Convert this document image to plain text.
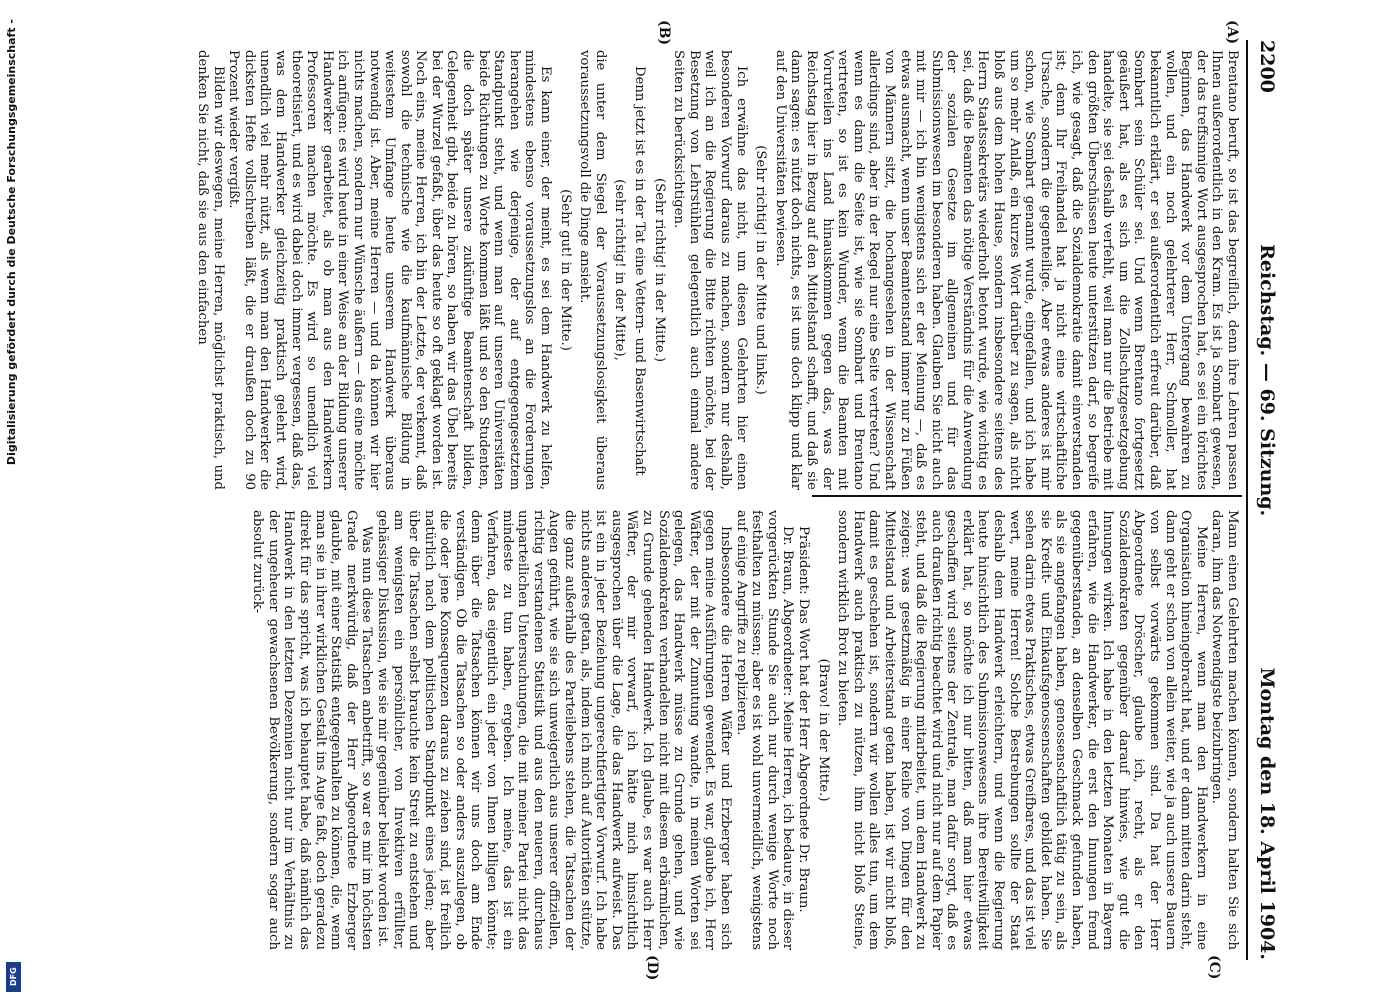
2200
Reichstag. — 69. Sitzung.
Montag den 18. April 1904.
(A)
(B)
(C)
(D)

Brentano beruft, so ist das begreiflich, denn ihre Lehren passen Ihnen außerordentlich in den Kram. Es ist ja Sombart gewesen, der das treffsinnige Wort ausgesprochen hat, es sei ein törichtes Beginnen, das Handwerk vor dem Untergang bewahren zu wollen, und ein noch gelehrterer Herr, Schmoller, hat bekanntlich erklärt, er sei außerordentlich erfreut darüber, daß Sombart sein Schüler sei. Und wenn Brentano fortgesetzt geäußert hat, als es sich um die Zollschutzgesetzgebung handelte, sie sei deshalb verfehlt, weil man nur die Betriebe mit den größten Überschüssen heute unterstützen darf, so begreife ich, wie gesagt, daß die Sozialdemokratie damit einverstanden ist; denn Ihr Freihandel hat ja nicht eine wirtschaftliche Ursache, sondern die gegenteilige. Aber etwas anderes ist mir schon, wie Sombart genannt wurde, eingefallen, und ich habe um so mehr Anlaß, ein kurzes Wort darüber zu sagen, als nicht bloß aus dem hohen Hause, sondern insbesondere seitens des Herrn Staatssekretärs wiederholt betont wurde, wie wichtig es sei, daß die Beamten das nötige Verständnis für die Anwendung der sozialen Gesetze im allgemeinen und für das Submissionswesen im besonderen haben. Glauben Sie nicht auch mit mir — ich bin wenigstens sich er der Meinung —, daß es etwas ausmacht, wenn unser Beamtenstand immer nur zu Füßen von Männern sitzt, die hochangesehen in der Wissenschaft allerdings sind, aber in der Regel nur eine Seite vertreten? Und wenn es dann die Seite ist, wie sie Sombart und Brentano vertreten, so ist es kein Wunder, wenn die Beamten mit Vorurteilen ins Land hinauskommen gegen das, was der Reichstag hier in Bezug auf den Mittelstand schafft, und daß sie dann sagen: es nützt doch nichts, es ist uns doch klipp und klar auf den Universitäten bewiesen.

(Sehr richtig! in der Mitte und links.)

Ich erwähne das nicht, um diesen Gelehrten hier einen besonderen Vorwurf daraus zu machen, sondern nur deshalb, weil ich an die Regierung die Bitte richten möchte, bei der Besetzung von Lehrstühlen gelegentlich auch einmal andere Seiten zu berücksichtigen.

(Sehr richtig! in der Mitte.)

Denn jetzt ist es in der Tat eine Vettern- und Basenwirtschaft

(sehr richtig! in der Mitte),

die unter dem Siegel der Voraussetzungslosigkeit überaus voraussetzungsvoll die Dinge ansieht.

(Sehr gut! in der Mitte.)

Es kann einer, der meint, es sei dem Handwerk zu helfen, mindestens ebenso voraussetzungslos an die Forderungen herangehen wie derjenige, der auf entgegengesetztem Standpunkt steht, und wenn man auf unseren Universitäten beide Richtungen zu Worte kommen läßt und so den Studenten, die doch später unsere zukünftige Beamtenschaft bilden, Gelegenheit gibt, beide zu hören, so haben wir das Übel bereits bei der Wurzel gefaßt, über das heute so oft geklagt worden ist. Noch eins, meine Herren, ich bin der Letzte, der verkennt, daß sowohl die technische wie die kaufmännische Bildung in weitestem Umfange heute unserem Handwerk überaus notwendig ist. Aber, meine Herren — und da können wir hier nichts machen, sondern nur Wünsche äußern — das eine möchte ich anfügen: es wird heute in einer Weise an der Bildung unserer Handwerker gearbeitet, als ob man aus den Handwerkern Professoren machen möchte. Es wird so unendlich viel theoretisiert, und es wird dabei doch immer vergessen, daß das, was dem Handwerker gleichzeitig praktisch gelehrt wird, unendlich viel mehr nützt, als wenn man den Handwerker die dicksten Hefte vollschreiben läßt, die er draußen doch zu 90 Prozent wieder vergißt.

Bilden wir deswegen, meine Herren, möglichst praktisch, und denken Sie nicht, daß sie aus den einfachen

Mann einen Gelehrten machen können, sondern halten Sie sich daran, ihm das Notwendigste beizubringen.

Meine Herren, wenn man den Handwerkern in eine Organisation hineingebracht hat, und er dann mitten darin steht, dann geht er schon von allein weiter, wie ja auch unsere Bauern von selbst vorwärts gekommen sind. Da hat der Herr Abgeordnete Dröscher, glaube ich, recht, als er den Sozialdemokraten gegenüber darauf hinwies, wie gut die Innungen wirken. Ich habe in den letzten Monaten in Bayern erfahren, wie die Handwerker, die erst den Innungen fremd gegenüberstanden, an denselben Geschmack gefunden haben, als sie angefangen haben, genossenschaftlich tätig zu sein, als sie Kredit- und Einkaufsgenossenschaften gebildet haben. Sie sehen darin etwas Praktisches, etwas Greifbares, und das ist viel wert, meine Herren! Solche Bestrebungen sollte der Staat deshalb dem Handwerk erleichtern, und wenn die Regierung heute hinsichtlich des Submissionswesens ihre Bereitwilligkeit erklärt hat, so möchte ich nur bitten, daß man hier etwas geschaffen wird seitens der Zentrale, man dafür sorgt, daß es auch draußen richtig beachtet wird und nicht nur auf dem Papier steht, und daß die Regierung mitarbeitet, um dem Handwerk zu zeigen: was gesetzmäßig in einer Reihe von Dingen für den Mittelstand und Arbeiterstand getan haben, ist wir nicht bloß, damit es geschehen ist, sondern wir wollen alles tun, um dem Handwerk auch praktisch zu nützen, ihm nicht bloß Steine, sondern wirklich Brot zu bieten.

(Bravo! in der Mitte.)

Präsident: Das Wort hat der Herr Abgeordnete Dr. Braun.

Dr. Braun, Abgeordneter: Meine Herren, ich bedaure, in dieser vorgerückten Stunde Sie auch nur durch wenige Worte noch festhalten zu müssen; aber es ist wohl unvermeidlich, wenigstens auf einige Angriffe zu replizieren.

Insbesondere die Herren Wäfter und Erzberger haben sich gegen meine Ausführungen gewendet. Es war, glaube ich, Herr Wäfter, der mit der Zumutung wandte, in meinen Worten sei gelegen, das Handwerk müsse zu Grunde gehen, und wie Sozialdemokraten verhandelten nicht mit diesem erbärmlichen, zu Grunde gehenden Handwerk. Ich glaube, es war auch Herr Wäfter, der mir vorwarf, ich hätte mich hinsichtlich ausgesprochen über die Lage, die das Handwerk aufweist. Das ist ein in jeder Beziehung ungerechtfertigter Vorwurf. Ich habe nichts anderes getan, als, indem ich mich auf Autoritäten stützte, die ganz außerhalb des Parteilebens stehen, die Tatsachen der Augen geführt, wie sie sich unweigerlich aus unserer offiziellen, richtig verstandenen Statistik und aus den neueren, durchaus unparteilichen Untersuchungen, die mit meiner Partei nicht das mindeste zu tun haben, ergeben. Ich meine, das ist ein Verfahren, das eigentlich ein jeder von Ihnen billigen könnte; denn über die Tatsachen können wir uns doch am Ende verständigen. Ob die Tatsachen so oder anders auszulegen, ob die oder jene Konsequenzen daraus zu ziehen sind, ist freilich natürlich nach dem politischen Standpunkt eines jeden; aber über die Tatsachen selbst brauchte kein Streit zu entstehen und am wenigsten ein persönlicher, von Invektiven erfüllter, gehässiger Diskussion, wie sie mir gegenüber beliebt worden ist.

Was nun diese Tatsachen anbetrifft, so war es mir im höchsten Grade merkwürdig, daß der Herr Abgeordnete Erzberger glaubte, mit einer Statistik entgegenhalten zu können, die, wenn man sie in ihrer wirklichen Gestalt ins Auge faßt, doch geradezu direkt für das spricht, was ich behauptet habe, daß nämlich das Handwerk in den letzten Dezennien nicht nur im Verhältnis zu der ungeheuer gewachsenen Bevölkerung, sondern sogar auch absolut zurück-

Digitalisierung gefördert durch die Deutsche Forschungsgemeinschaft -
DFG
